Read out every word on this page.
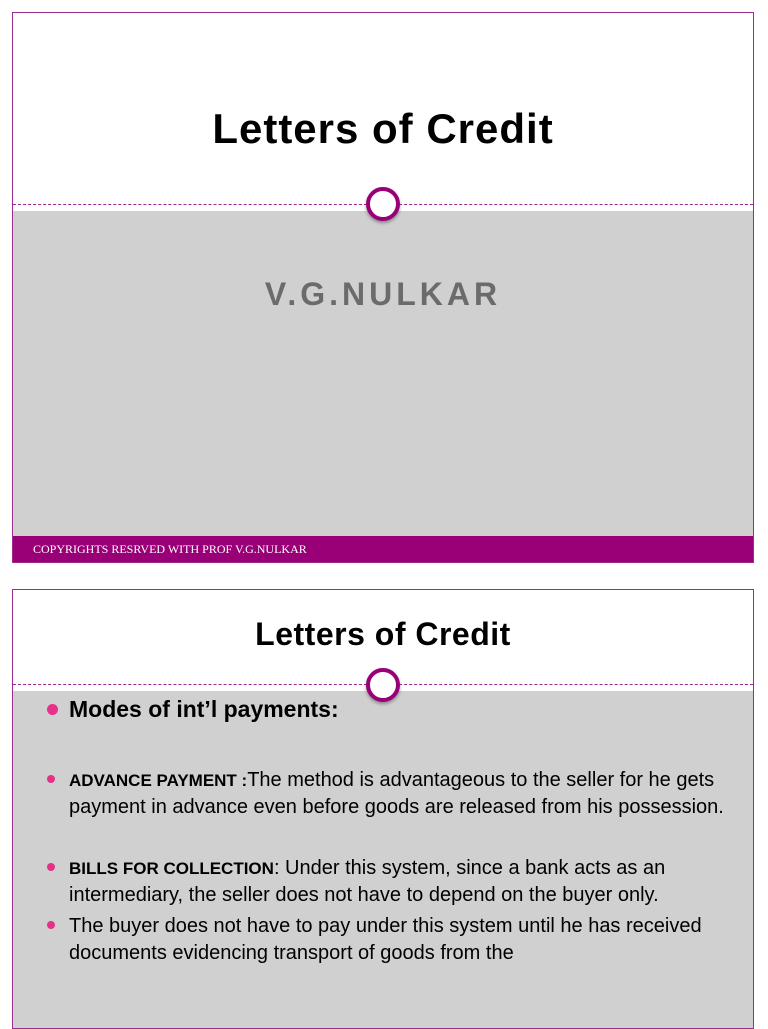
Letters of Credit
V.G.NULKAR
COPYRIGHTS RESRVED WITH PROF V.G.NULKAR
Letters of Credit
Modes of int’l payments:
ADVANCE PAYMENT :The method is advantageous to the seller for he gets payment in advance even before goods are released from his possession.
BILLS FOR COLLECTION: Under this system, since a bank acts as an intermediary, the seller does not have to depend on the buyer only.
The buyer does not have to pay under this system until he has received documents evidencing transport of goods from the
